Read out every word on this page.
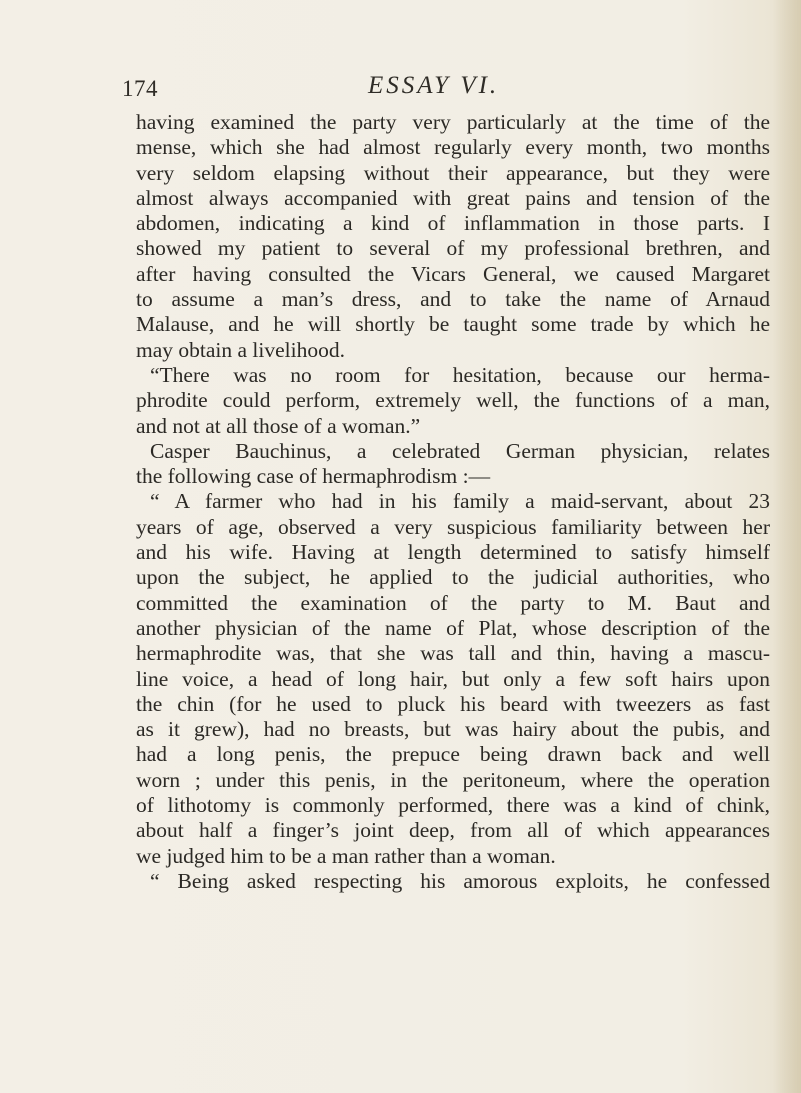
174	ESSAY VI.
having examined the party very particularly at the time of the
mense, which she had almost regularly every month, two months
very seldom elapsing without their appearance, but they were
almost always accompanied with great pains and tension of the
abdomen, indicating a kind of inflammation in those parts. I
showed my patient to several of my professional brethren, and
after having consulted the Vicars General, we caused Margaret
to assume a man’s dress, and to take the name of Arnaud
Malause, and he will shortly be taught some trade by which he
may obtain a livelihood.
“There was no room for hesitation, because our herma-
phrodite could perform, extremely well, the functions of a man,
and not at all those of a woman.”
Casper Bauchinus, a celebrated German physician, relates
the following case of hermaphrodism :—
“ A farmer who had in his family a maid-servant, about 23
years of age, observed a very suspicious familiarity between her
and his wife. Having at length determined to satisfy himself
upon the subject, he applied to the judicial authorities, who
committed the examination of the party to M. Baut and
another physician of the name of Plat, whose description of the
hermaphrodite was, that she was tall and thin, having a mascu-
line voice, a head of long hair, but only a few soft hairs upon
the chin (for he used to pluck his beard with tweezers as fast
as it grew), had no breasts, but was hairy about the pubis, and
had a long penis, the prepuce being drawn back and well
worn ; under this penis, in the peritoneum, where the operation
of lithotomy is commonly performed, there was a kind of chink,
about half a finger’s joint deep, from all of which appearances
we judged him to be a man rather than a woman.
“ Being asked respecting his amorous exploits, he confessed
